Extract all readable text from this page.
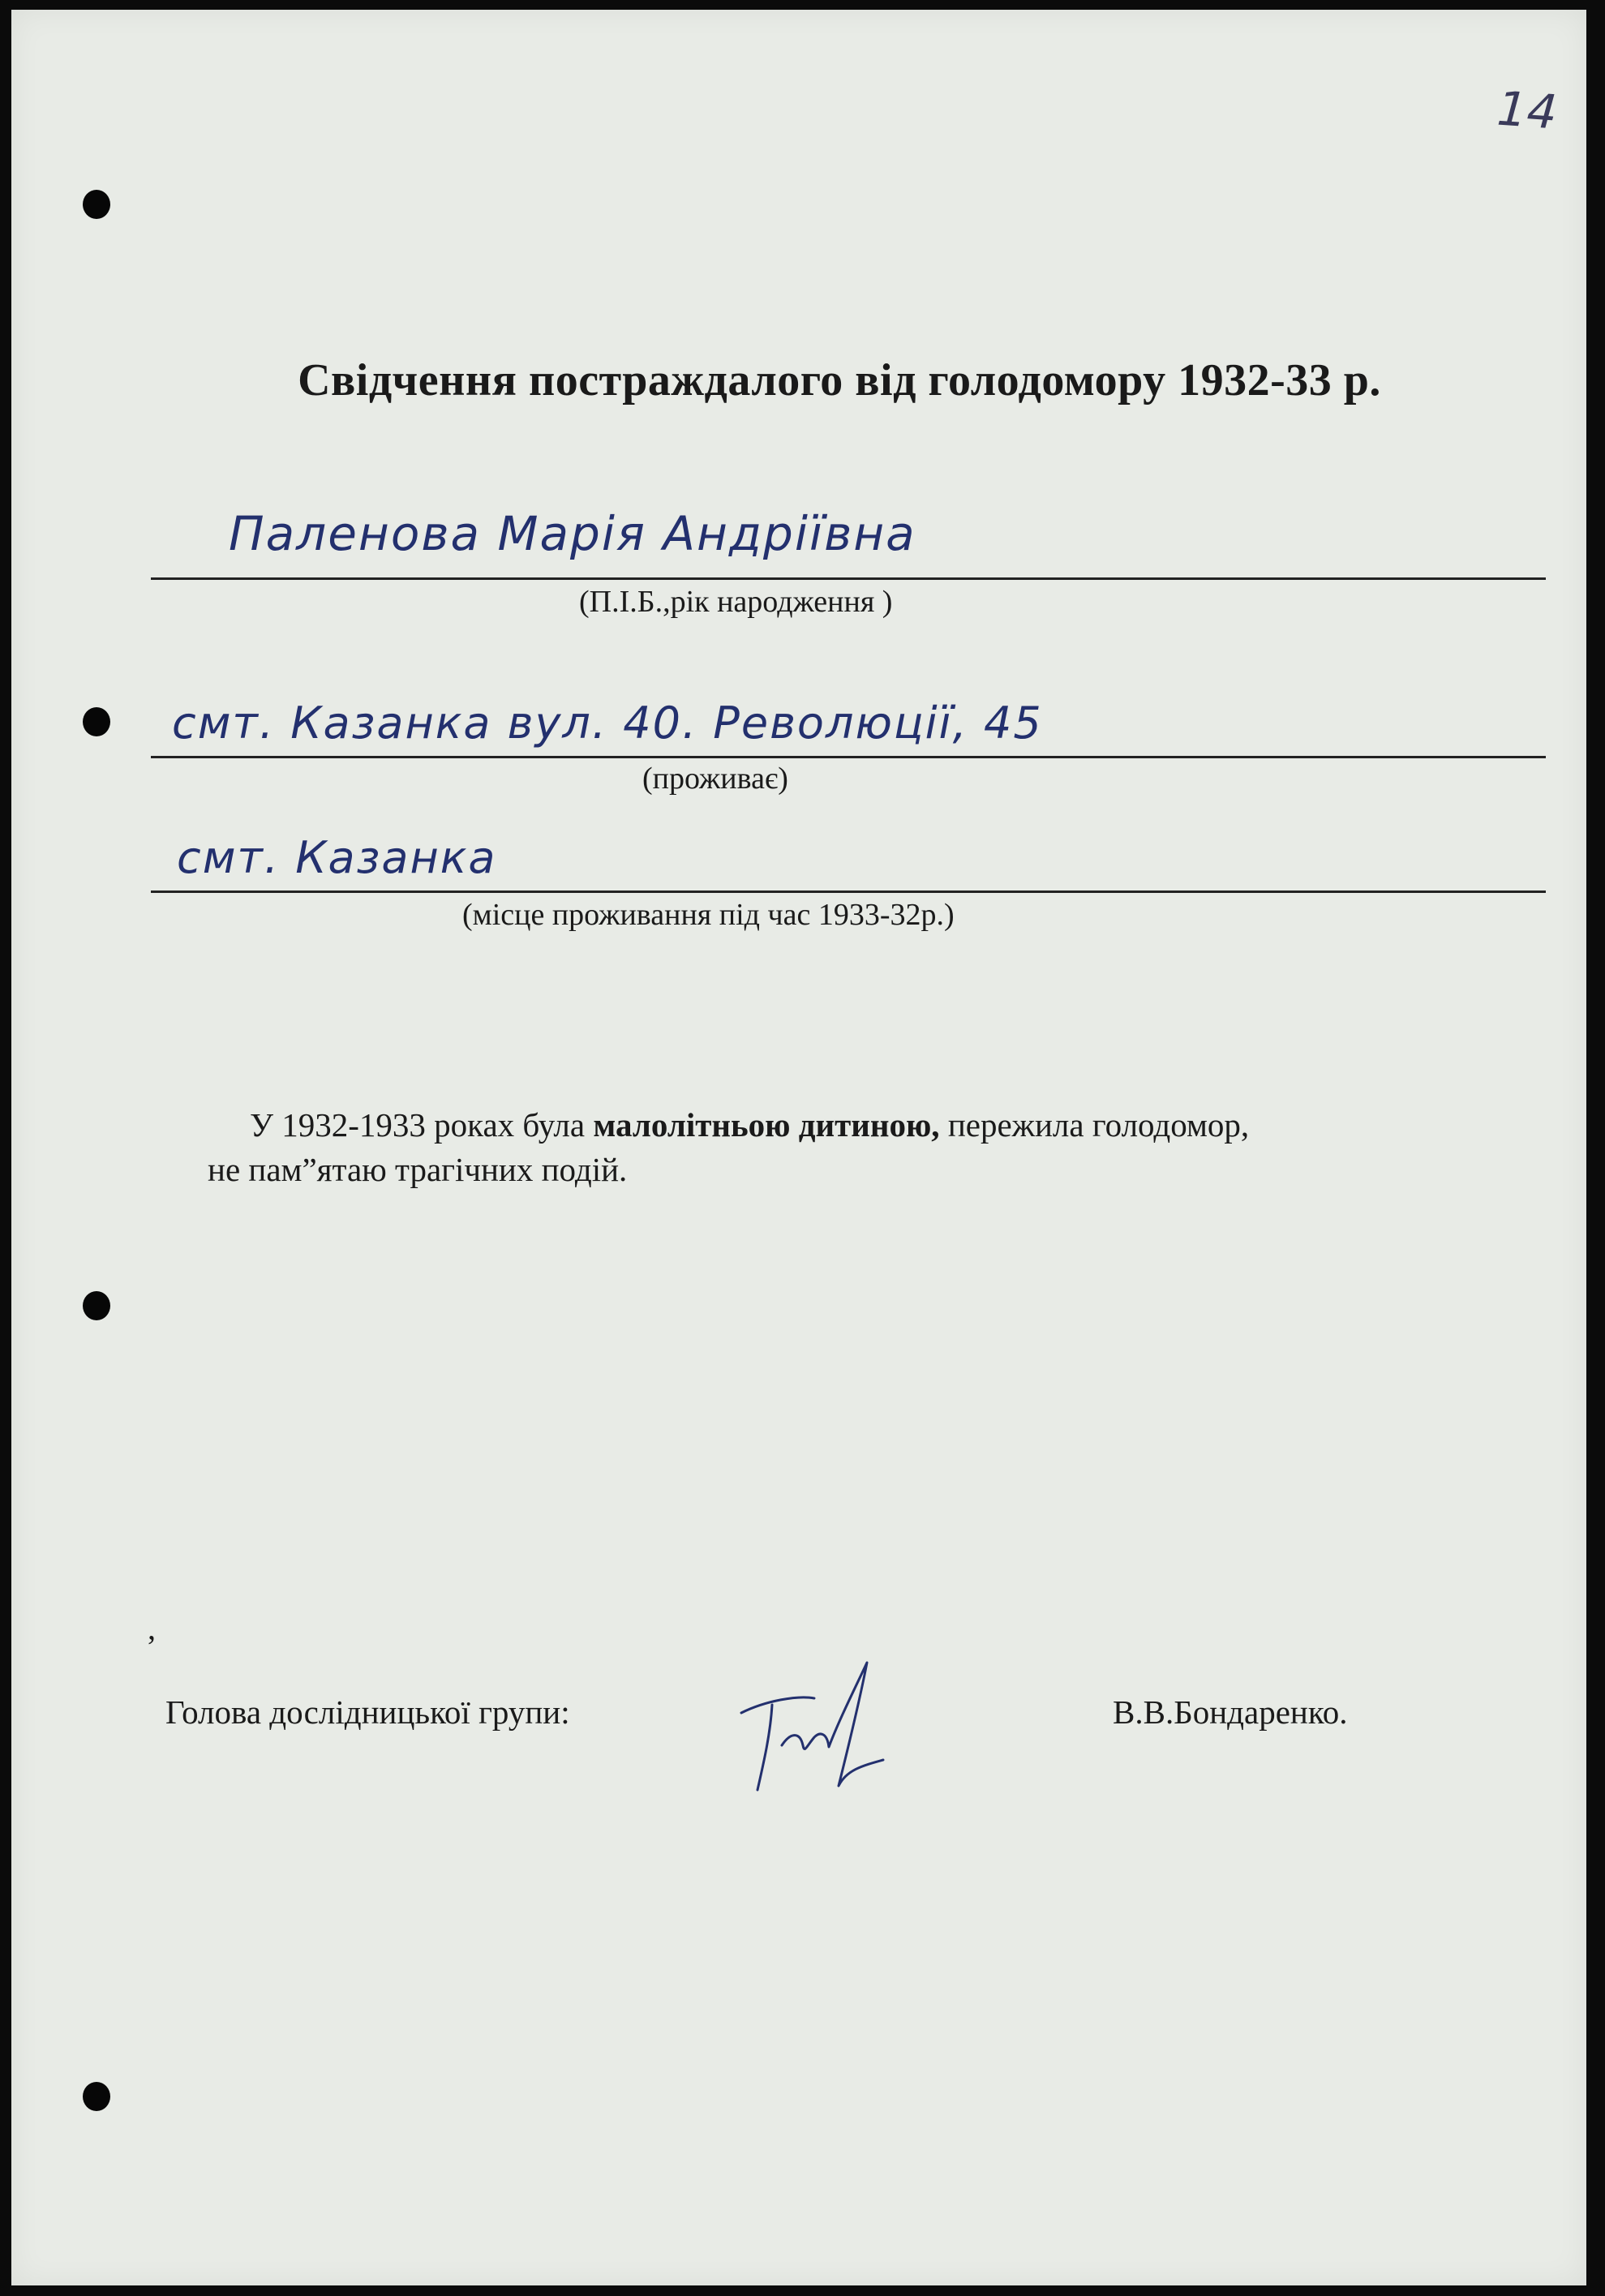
14
Свідчення постраждалого від голодомору 1932-33 р.
Паленова Марія Андріївна
(П.І.Б.,рік народження )
смт. Казанка вул. 40. Революції, 45
(проживає)
смт. Казанка
(місце проживання під час 1933-32р.)
У 1932-1933 роках була малолітньою дитиною, пережила голодомор,
не пам”ятаю трагічних подій.
,
Голова дослідницької групи:	В.В.Бондаренко.
